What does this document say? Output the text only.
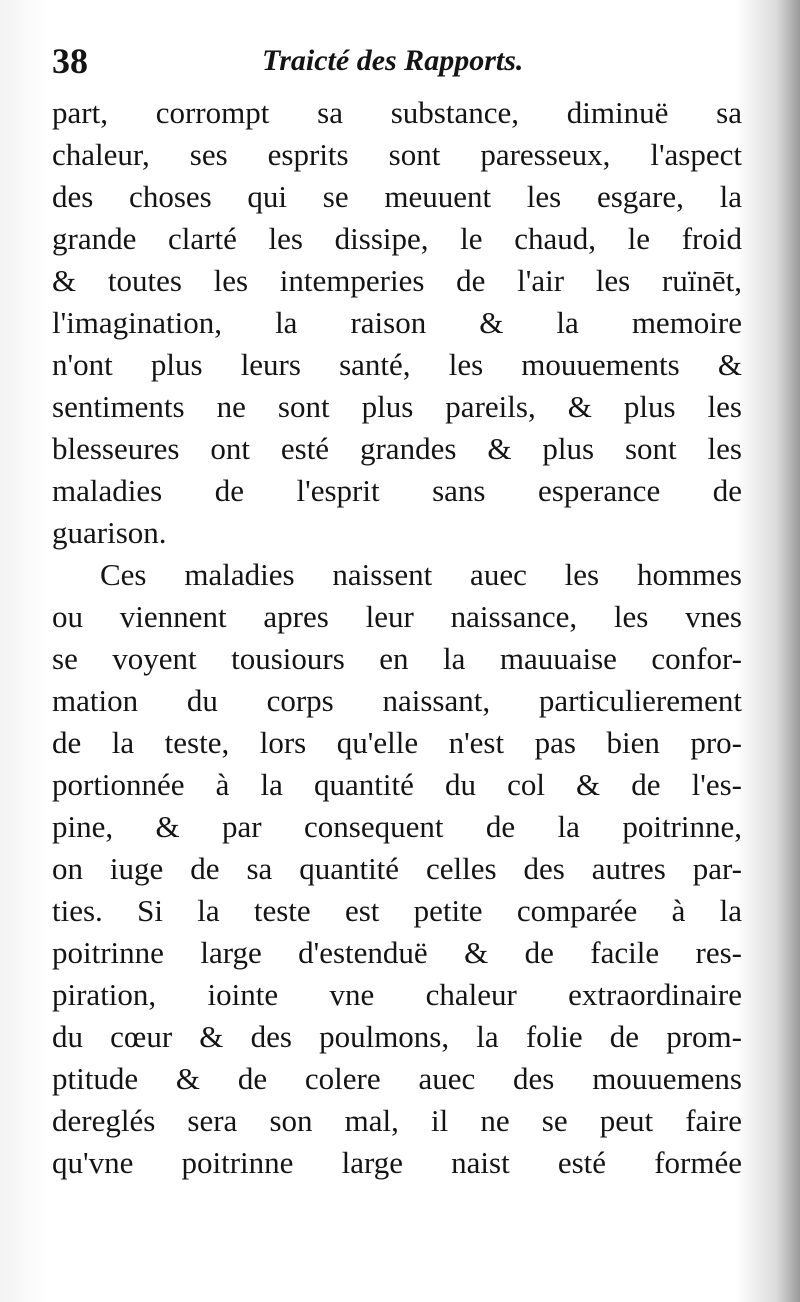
38	Traicté des Rapports.
part, corrompt sa substance, diminuë sa
chaleur, ses esprits sont paresseux, l'aspect
des choses qui se meuuent les esgare, la
grande clarté les dissipe, le chaud, le froid
& toutes les intemperies de l'air les ruïnēt,
l'imagination, la raison & la memoire
n'ont plus leurs santé, les mouuements &
sentiments ne sont plus pareils, & plus les
blesseures ont esté grandes & plus sont les
maladies de l'esprit sans esperance de
guarison.
Ces maladies naissent auec les hommes
ou viennent apres leur naissance, les vnes
se voyent tousiours en la mauuaise confor-
mation du corps naissant, particulierement
de la teste, lors qu'elle n'est pas bien pro-
portionnée à la quantité du col & de l'es-
pine, & par consequent de la poitrinne,
on iuge de sa quantité celles des autres par-
ties. Si la teste est petite comparée à la
poitrinne large d'estenduë & de facile res-
piration, iointe vne chaleur extraordinaire
du cœur & des poulmons, la folie de prom-
ptitude & de colere auec des mouuemens
dereglés sera son mal, il ne se peut faire
qu'vne poitrinne large naist esté formée
